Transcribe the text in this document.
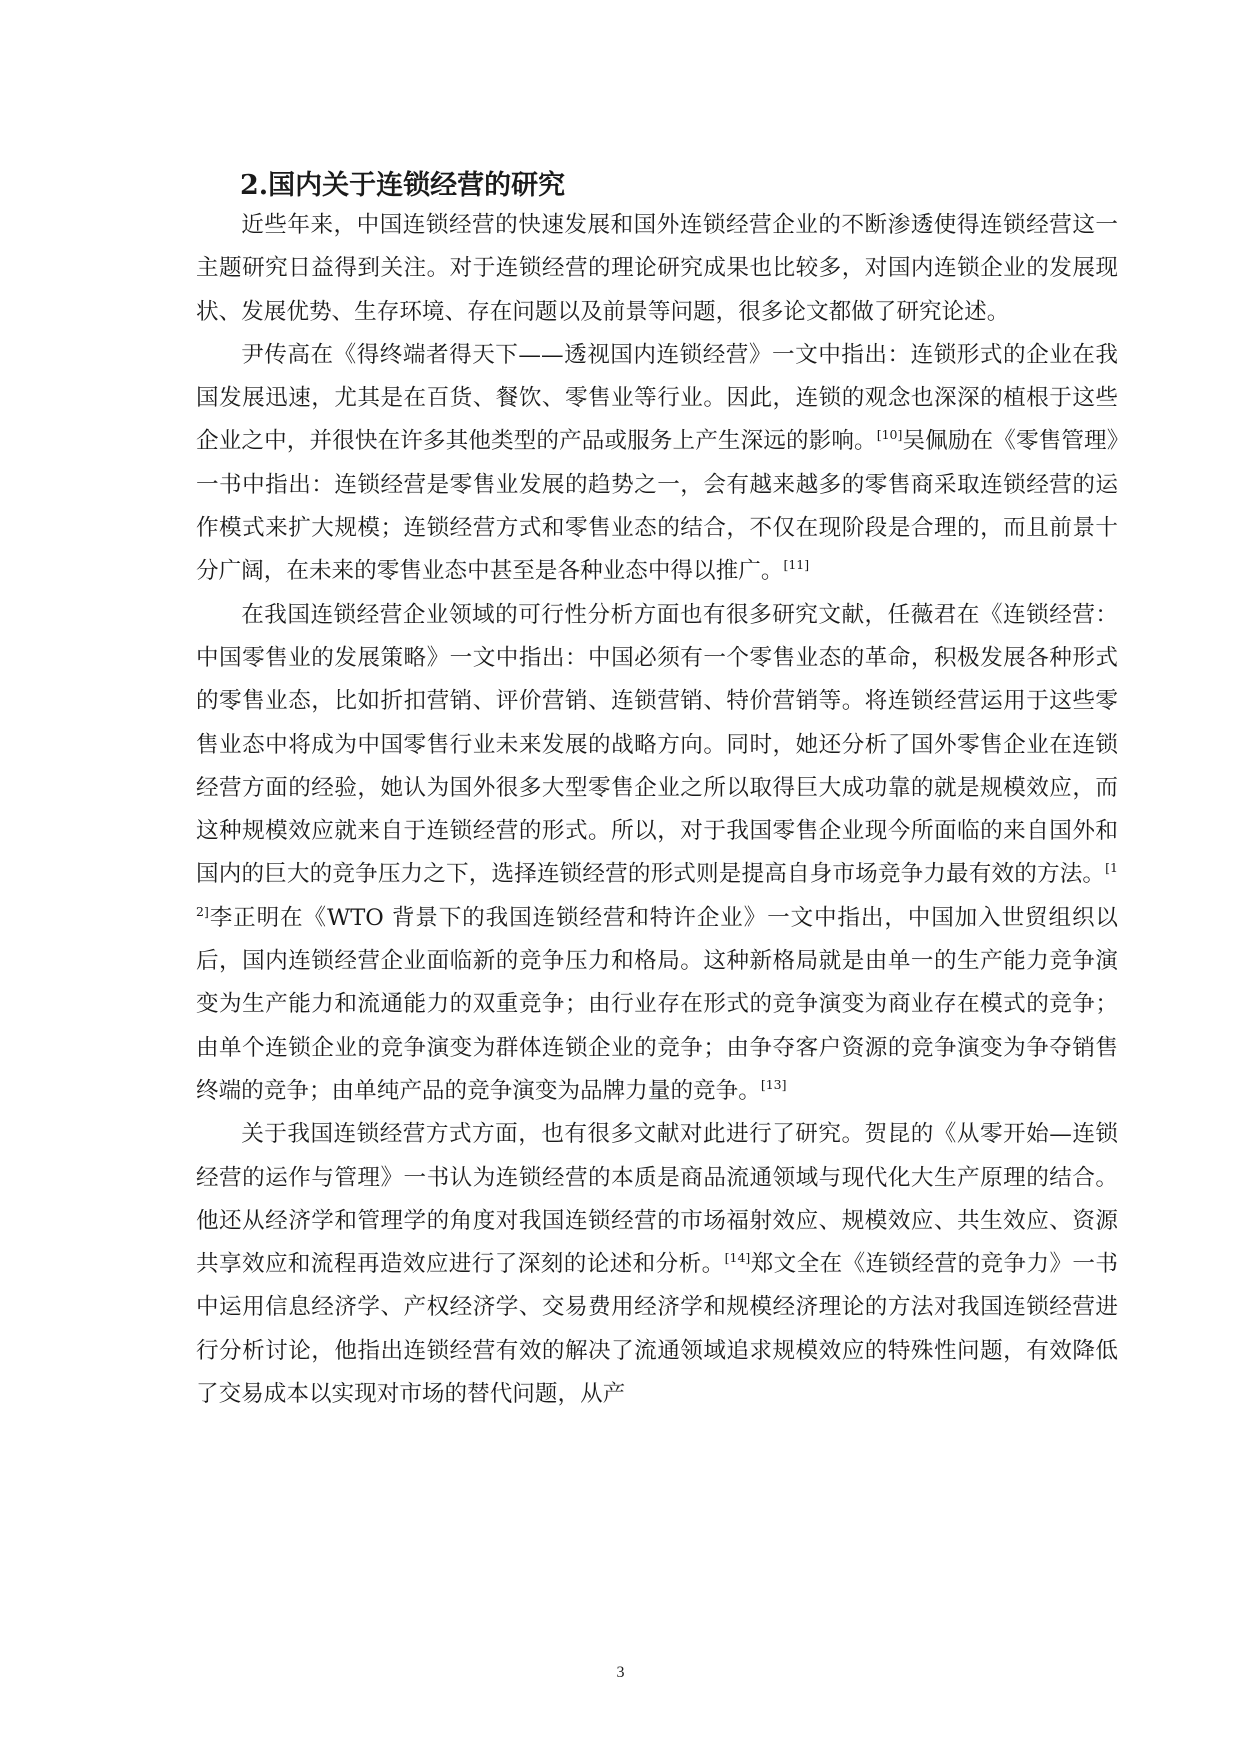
2.国内关于连锁经营的研究

近些年来，中国连锁经营的快速发展和国外连锁经营企业的不断渗透使得连锁经营这一主题研究日益得到关注。对于连锁经营的理论研究成果也比较多，对国内连锁企业的发展现状、发展优势、生存环境、存在问题以及前景等问题，很多论文都做了研究论述。

尹传高在《得终端者得天下——透视国内连锁经营》一文中指出：连锁形式的企业在我国发展迅速，尤其是在百货、餐饮、零售业等行业。因此，连锁的观念也深深的植根于这些企业之中，并很快在许多其他类型的产品或服务上产生深远的影响。[10]吴佩励在《零售管理》一书中指出：连锁经营是零售业发展的趋势之一，会有越来越多的零售商采取连锁经营的运作模式来扩大规模；连锁经营方式和零售业态的结合，不仅在现阶段是合理的，而且前景十分广阔，在未来的零售业态中甚至是各种业态中得以推广。[11]

在我国连锁经营企业领域的可行性分析方面也有很多研究文献，任薇君在《连锁经营：中国零售业的发展策略》一文中指出：中国必须有一个零售业态的革命，积极发展各种形式的零售业态，比如折扣营销、评价营销、连锁营销、特价营销等。将连锁经营运用于这些零售业态中将成为中国零售行业未来发展的战略方向。同时，她还分析了国外零售企业在连锁经营方面的经验，她认为国外很多大型零售企业之所以取得巨大成功靠的就是规模效应，而这种规模效应就来自于连锁经营的形式。所以，对于我国零售企业现今所面临的来自国外和国内的巨大的竞争压力之下，选择连锁经营的形式则是提高自身市场竞争力最有效的方法。[12]李正明在《WTO 背景下的我国连锁经营和特许企业》一文中指出，中国加入世贸组织以后，国内连锁经营企业面临新的竞争压力和格局。这种新格局就是由单一的生产能力竞争演变为生产能力和流通能力的双重竞争；由行业存在形式的竞争演变为商业存在模式的竞争；由单个连锁企业的竞争演变为群体连锁企业的竞争；由争夺客户资源的竞争演变为争夺销售终端的竞争；由单纯产品的竞争演变为品牌力量的竞争。[13]

关于我国连锁经营方式方面，也有很多文献对此进行了研究。贺昆的《从零开始—连锁经营的运作与管理》一书认为连锁经营的本质是商品流通领域与现代化大生产原理的结合。他还从经济学和管理学的角度对我国连锁经营的市场福射效应、规模效应、共生效应、资源共享效应和流程再造效应进行了深刻的论述和分析。[14]郑文全在《连锁经营的竞争力》一书中运用信息经济学、产权经济学、交易费用经济学和规模经济理论的方法对我国连锁经营进行分析讨论，他指出连锁经营有效的解决了流通领域追求规模效应的特殊性问题，有效降低了交易成本以实现对市场的替代问题，从产

3
